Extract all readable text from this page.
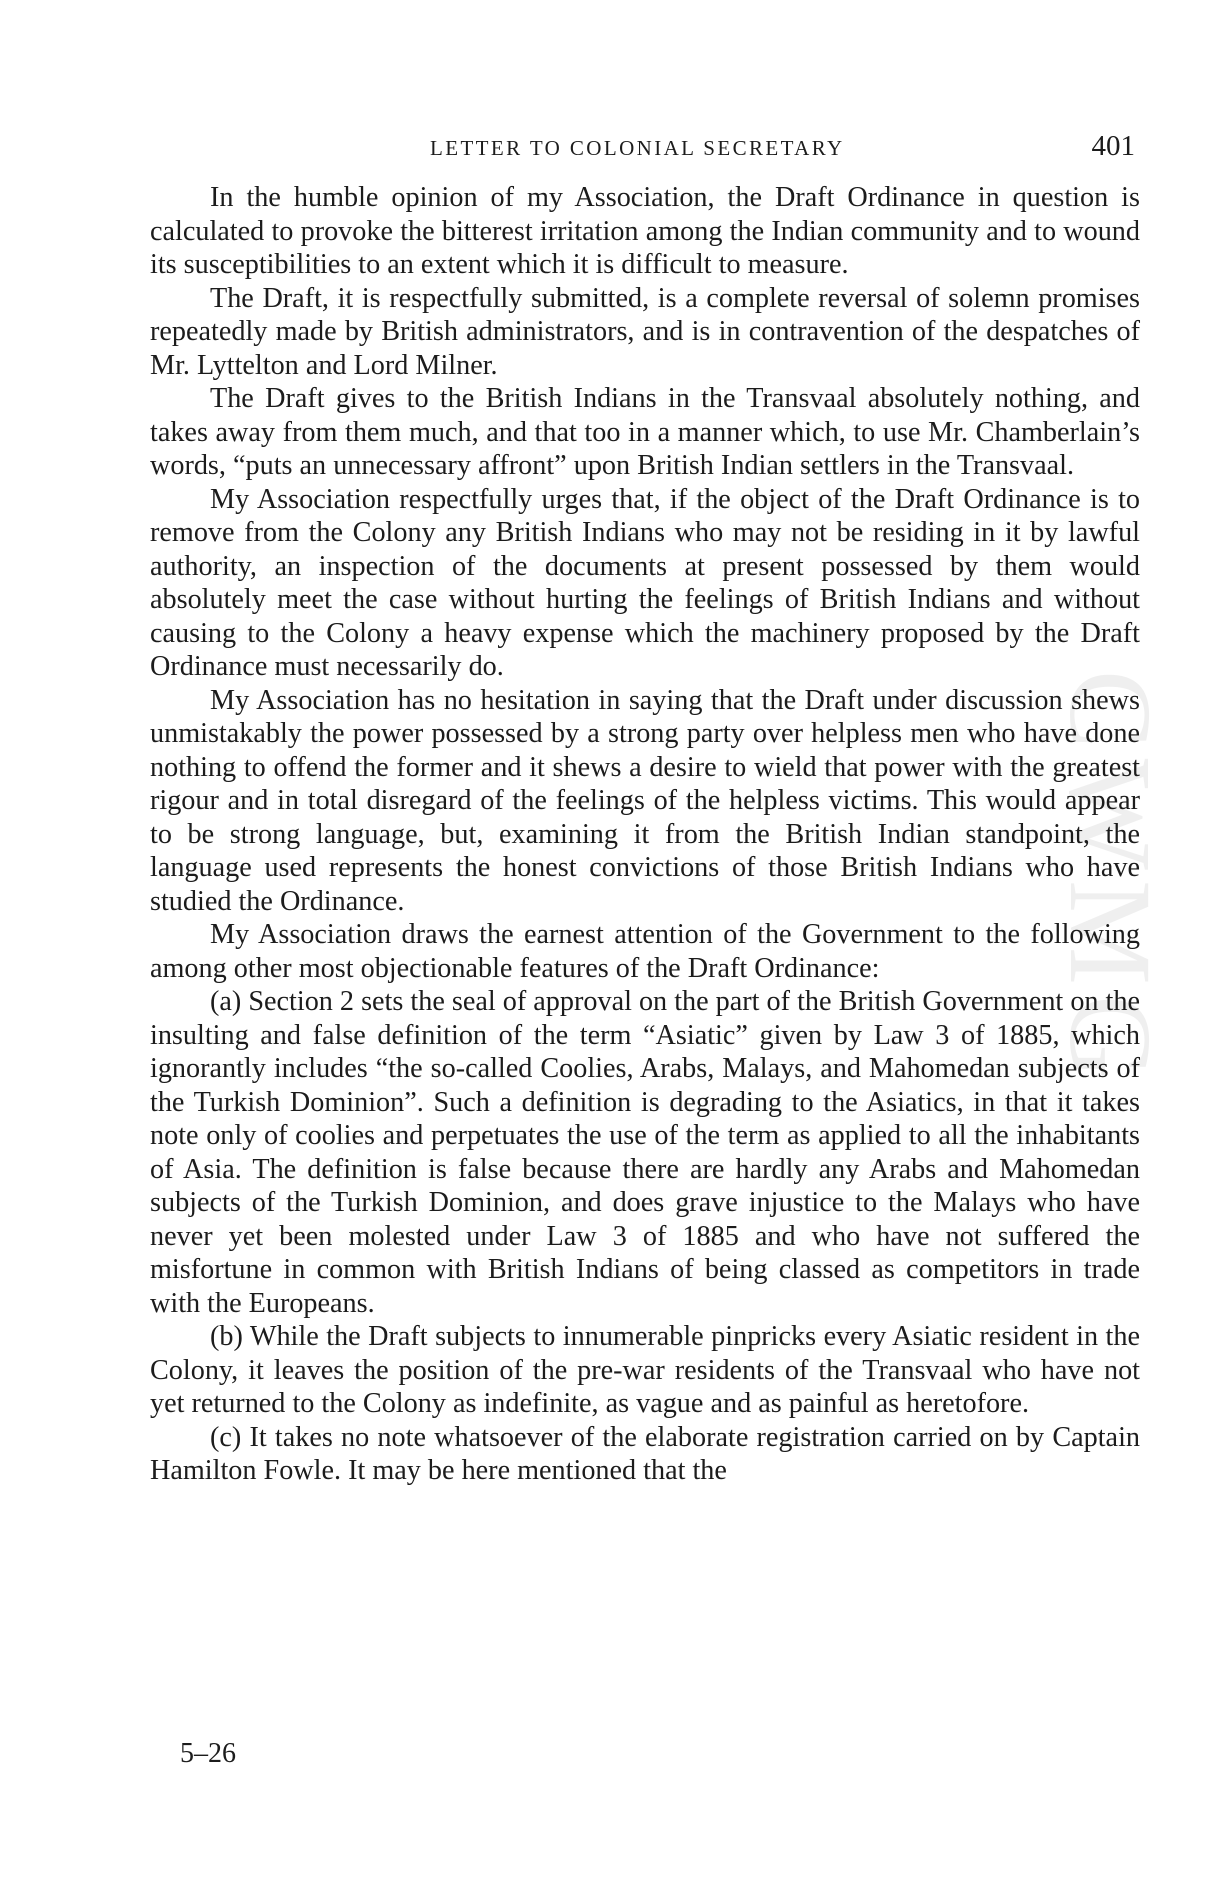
CWMG
LETTER TO COLONIAL SECRETARY	401

In the humble opinion of my Association, the Draft Ordinance in question is calculated to provoke the bitterest irritation among the Indian community and to wound its susceptibilities to an extent which it is difficult to measure.

The Draft, it is respectfully submitted, is a complete reversal of solemn promises repeatedly made by British administrators, and is in contravention of the despatches of Mr. Lyttelton and Lord Milner.

The Draft gives to the British Indians in the Transvaal absolutely nothing, and takes away from them much, and that too in a manner which, to use Mr. Chamberlain’s words, “puts an unnecessary affront” upon British Indian settlers in the Transvaal.

My Association respectfully urges that, if the object of the Draft Ordinance is to remove from the Colony any British Indians who may not be residing in it by lawful authority, an inspection of the documents at present possessed by them would absolutely meet the case without hurting the feelings of British Indians and without causing to the Colony a heavy expense which the machinery proposed by the Draft Ordinance must necessarily do.

My Association has no hesitation in saying that the Draft under discussion shews unmistakably the power possessed by a strong party over helpless men who have done nothing to offend the former and it shews a desire to wield that power with the greatest rigour and in total disregard of the feelings of the helpless victims. This would appear to be strong language, but, examining it from the British Indian standpoint, the language used represents the honest convictions of those British Indians who have studied the Ordinance.

My Association draws the earnest attention of the Government to the following among other most objectionable features of the Draft Ordinance:

(a) Section 2 sets the seal of approval on the part of the British Government on the insulting and false definition of the term “Asiatic” given by Law 3 of 1885, which ignorantly includes “the so-called Coolies, Arabs, Malays, and Mahomedan subjects of the Turkish Dominion”. Such a definition is degrading to the Asiatics, in that it takes note only of coolies and perpetuates the use of the term as applied to all the inhabitants of Asia. The definition is false because there are hardly any Arabs and Mahomedan subjects of the Turkish Dominion, and does grave injustice to the Malays who have never yet been molested under Law 3 of 1885 and who have not suffered the misfortune in common with British Indians of being classed as competitors in trade with the Europeans.

(b) While the Draft subjects to innumerable pinpricks every Asiatic resident in the Colony, it leaves the position of the pre-war residents of the Transvaal who have not yet returned to the Colony as indefinite, as vague and as painful as heretofore.

(c) It takes no note whatsoever of the elaborate registration carried on by Captain Hamilton Fowle. It may be here mentioned that the

5–26
